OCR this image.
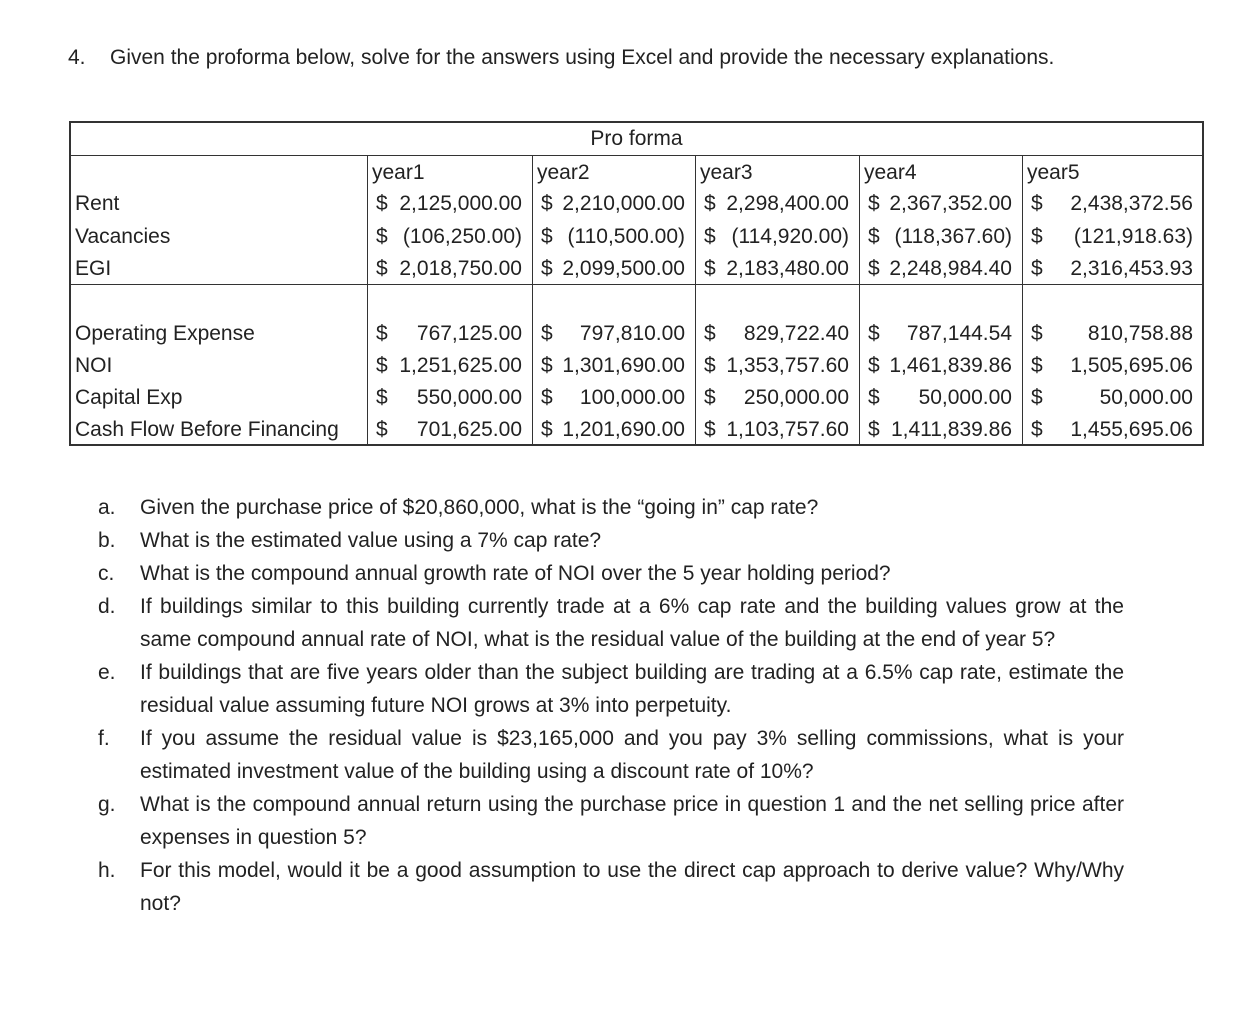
4. Given the proforma below, solve for the answers using Excel and provide the necessary explanations.
Pro forma
year1	year2	year3	year4	year5
Rent	$ 2,125,000.00 $ 2,210,000.00 $ 2,298,400.00 $ 2,367,352.00 $ 2,438,372.56
Vacancies	$ (106,250.00) $ (110,500.00) $ (114,920.00) $ (118,367.60) $ (121,918.63)
EGI	$ 2,018,750.00 $ 2,099,500.00 $ 2,183,480.00 $ 2,248,984.40 $ 2,316,453.93
Operating Expense	$ 767,125.00 $ 797,810.00 $ 829,722.40 $ 787,144.54 $ 810,758.88
NOI	$ 1,251,625.00 $ 1,301,690.00 $ 1,353,757.60 $ 1,461,839.86 $ 1,505,695.06
Capital Exp	$ 550,000.00 $ 100,000.00 $ 250,000.00 $ 50,000.00 $	50,000.00
Cash Flow Before Financing $ 701,625.00 $ 1,201,690.00 $ 1,103,757.60 $ 1,411,839.86 $ 1,455,695.06
a.	Given the purchase price of $20,860,000, what is the “going in” cap rate?
b.	What is the estimated value using a 7% cap rate?
c.	What is the compound annual growth rate of NOI over the 5 year holding period?
d.	If buildings similar to this building currently trade at a 6% cap rate and the building values grow at the same compound annual rate of NOI, what is the residual value of the building at the end of year 5?
e.	If buildings that are five years older than the subject building are trading at a 6.5% cap rate, estimate the residual value assuming future NOI grows at 3% into perpetuity.
f.	If you assume the residual value is $23,165,000 and you pay 3% selling commissions, what is your estimated investment value of the building using a discount rate of 10%?
g.	What is the compound annual return using the purchase price in question 1 and the net selling price after expenses in question 5?
h.	For this model, would it be a good assumption to use the direct cap approach to derive value? Why/Why not?
